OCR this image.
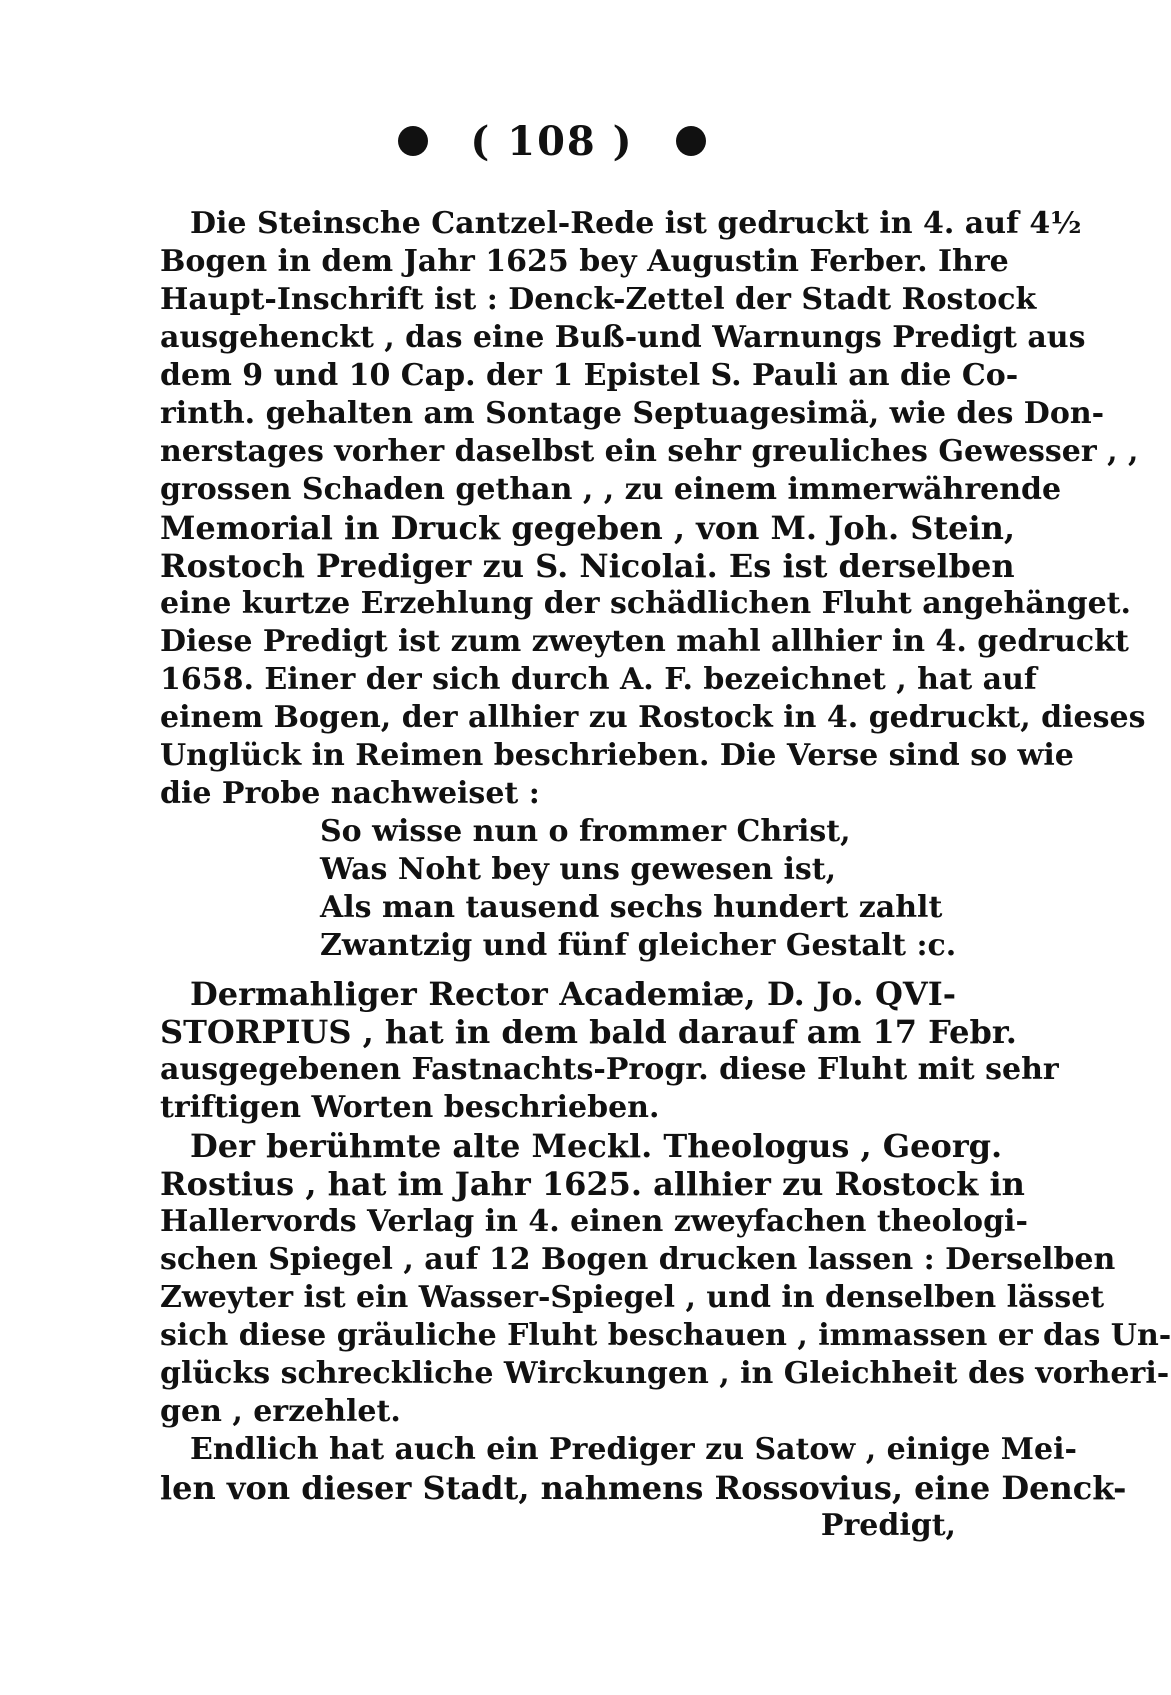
( 108 )
Die Steinsche Cantzel-Rede ist gedruckt in 4. auf 4½
Bogen in dem Jahr 1625 bey Augustin Ferber. Ihre
Haupt-Inschrift ist : Denck-Zettel der Stadt Rostock
ausgehenckt , das eine Buß-und Warnungs Predigt aus
dem 9 und 10 Cap. der 1 Epistel S. Pauli an die Co-
rinth. gehalten am Sontage Septuagesimä, wie des Don-
nerstages vorher daselbst ein sehr greuliches Gewesser , ,
grossen Schaden gethan , , zu einem immerwährende
Memorial in Druck gegeben , von M. Joh. Stein,
Rostoch Prediger zu S. Nicolai. Es ist derselben
eine kurtze Erzehlung der schädlichen Fluht angehänget.
Diese Predigt ist zum zweyten mahl allhier in 4. gedruckt
1658. Einer der sich durch A. F. bezeichnet , hat auf
einem Bogen, der allhier zu Rostock in 4. gedruckt, dieses
Unglück in Reimen beschrieben. Die Verse sind so wie
die Probe nachweiset :
So wisse nun o frommer Christ,
Was Noht bey uns gewesen ist,
Als man tausend sechs hundert zahlt
Zwantzig und fünf gleicher Gestalt :c.
Dermahliger Rector Academiæ, D. Jo. QVI-
STORPIUS , hat in dem bald darauf am 17 Febr.
ausgegebenen Fastnachts-Progr. diese Fluht mit sehr
triftigen Worten beschrieben.
Der berühmte alte Meckl. Theologus , Georg.
Rostius , hat im Jahr 1625. allhier zu Rostock in
Hallervords Verlag in 4. einen zweyfachen theologi-
schen Spiegel , auf 12 Bogen drucken lassen : Derselben
Zweyter ist ein Wasser-Spiegel , und in denselben lässet
sich diese gräuliche Fluht beschauen , immassen er das Un-
glücks schreckliche Wirckungen , in Gleichheit des vorheri-
gen , erzehlet.
Endlich hat auch ein Prediger zu Satow , einige Mei-
len von dieser Stadt, nahmens Rossovius, eine Denck-
Predigt,
